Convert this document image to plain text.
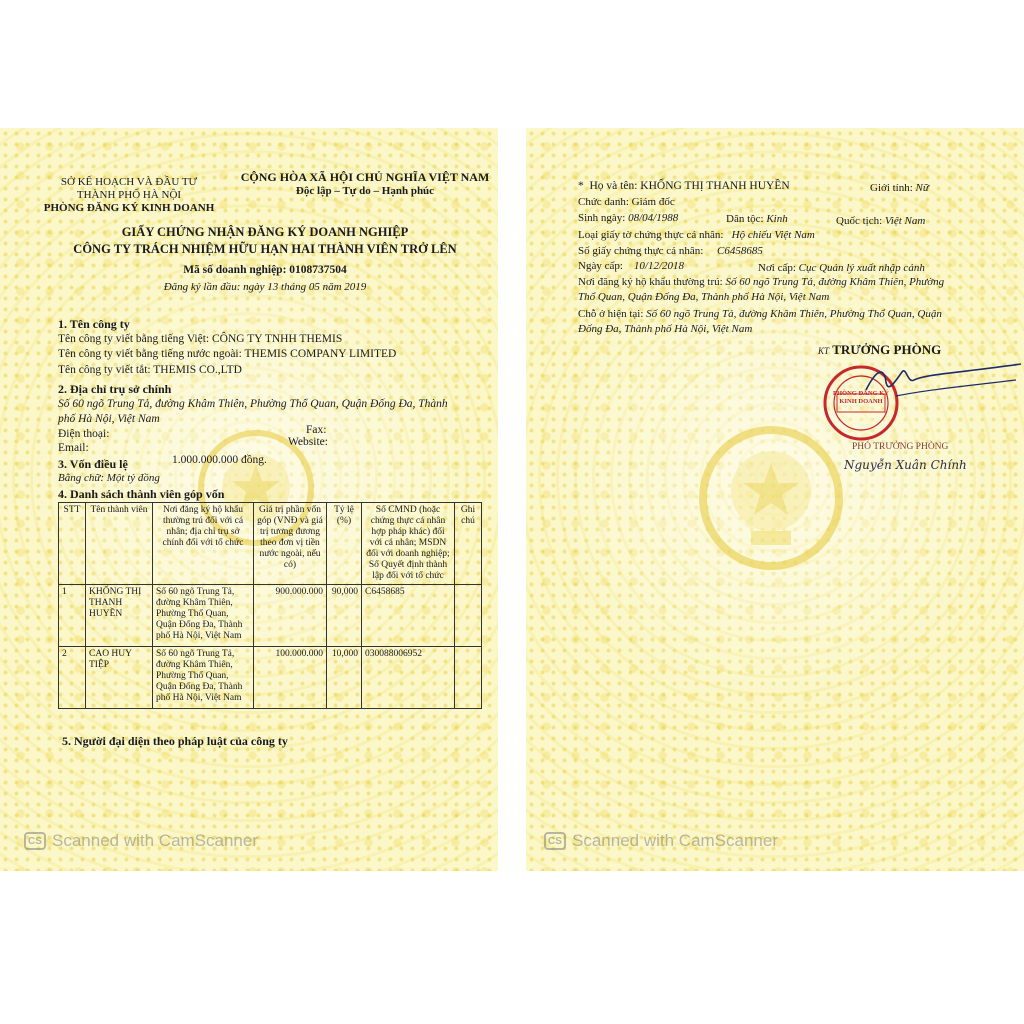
SỞ KẾ HOẠCH VÀ ĐẦU TƯ
THÀNH PHỐ HÀ NỘI
PHÒNG ĐĂNG KÝ KINH DOANH
CỘNG HÒA XÃ HỘI CHỦ NGHĨA VIỆT NAM
Độc lập – Tự do – Hạnh phúc
GIẤY CHỨNG NHẬN ĐĂNG KÝ DOANH NGHIỆP
CÔNG TY TRÁCH NHIỆM HỮU HẠN HAI THÀNH VIÊN TRỞ LÊN
Mã số doanh nghiệp: 0108737504
Đăng ký lần đầu: ngày 13 tháng 05 năm 2019
1. Tên công ty
Tên công ty viết bằng tiếng Việt: CÔNG TY TNHH THEMIS
Tên công ty viết bằng tiếng nước ngoài: THEMIS COMPANY LIMITED
Tên công ty viết tắt: THEMIS CO.,LTD
2. Địa chỉ trụ sở chính
Số 60 ngõ Trung Tả, đường Khâm Thiên, Phường Thổ Quan, Quận Đống Đa, Thành
phố Hà Nội, Việt Nam
Điện thoại:	Fax:
Email:	Website:
3. Vốn điều lệ	1.000.000.000 đồng.
Bằng chữ: Một tỷ đồng
4. Danh sách thành viên góp vốn
STT	Tên thành viên	Nơi đăng ký hộ khẩu thường trú đối với cá nhân; địa chỉ trụ sở chính đối với tổ chức	Giá trị phần vốn góp (VNĐ và giá trị tương đương theo đơn vị tiền nước ngoài, nếu có)	Tỷ lệ (%)	Số CMND (hoặc chứng thực cá nhân hợp pháp khác) đối với cá nhân; MSDN đối với doanh nghiệp; Số Quyết định thành lập đối với tổ chức	Ghi chú
1	KHỔNG THỊ THANH HUYỀN	Số 60 ngõ Trung Tả, đường Khâm Thiên, Phường Thổ Quan, Quận Đống Đa, Thành phố Hà Nội, Việt Nam	900.000.000	90,000	C6458685	
2	CAO HUY TIỆP	Số 60 ngõ Trung Tả, đường Khâm Thiên, Phường Thổ Quan, Quận Đống Đa, Thành phố Hà Nội, Việt Nam	100.000.000	10,000	030088006952	
5. Người đại diện theo pháp luật của công ty
CS Scanned with CamScanner
*  Họ và tên: KHỔNG THỊ THANH HUYỀN	Giới tính: Nữ
Chức danh: Giám đốc
Sinh ngày: 08/04/1988	Dân tộc: Kinh	Quốc tịch: Việt Nam
Loại giấy tờ chứng thực cá nhân: Hộ chiếu Việt Nam
Số giấy chứng thực cá nhân: C6458685
Ngày cấp: 10/12/2018	Nơi cấp: Cục Quản lý xuất nhập cảnh
Nơi đăng ký hộ khẩu thường trú: Số 60 ngõ Trung Tả, đường Khâm Thiên, Phường
Thổ Quan, Quận Đống Đa, Thành phố Hà Nội, Việt Nam
Chỗ ở hiện tại: Số 60 ngõ Trung Tả, đường Khâm Thiên, Phường Thổ Quan, Quận
Đống Đa, Thành phố Hà Nội, Việt Nam
KT TRƯỞNG PHÒNG
PHÒNG ĐĂNG KÝ KINH DOANH
PHÓ TRƯỞNG PHÒNG
Nguyễn Xuân Chính
CS Scanned with CamScanner
